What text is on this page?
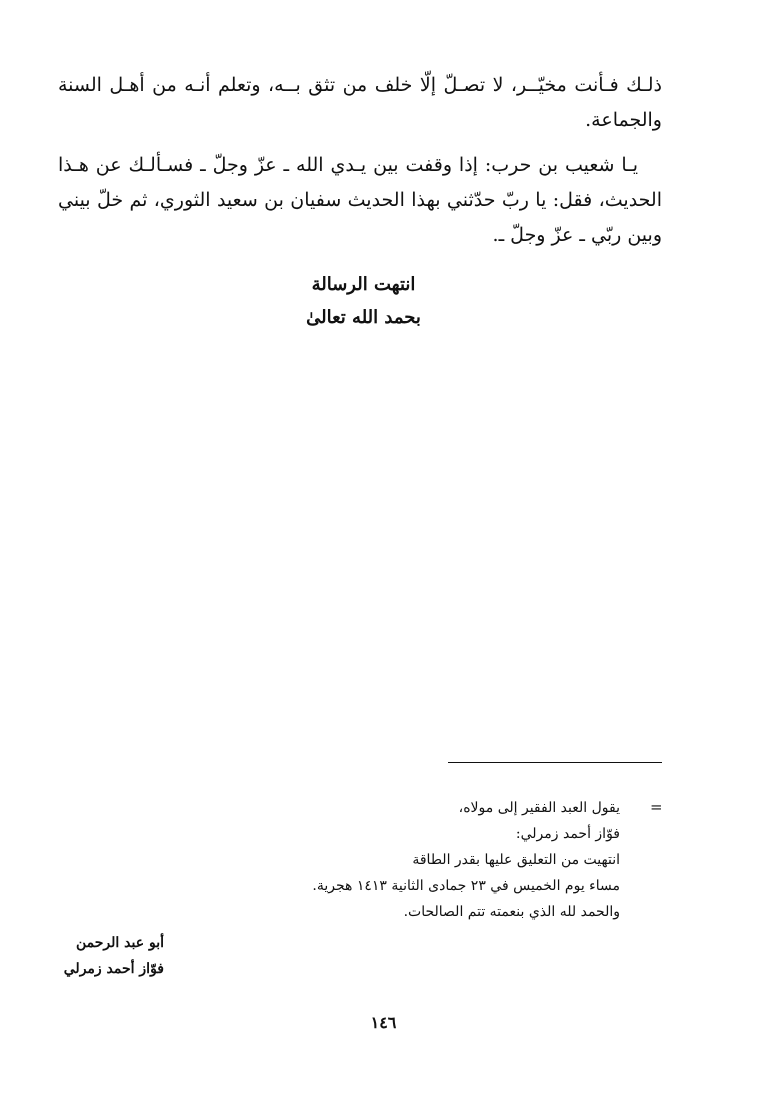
ذلـك فـأنت مخيّــر، لا تصـلّ إلّا خلف من تثق بــه، وتعلم أنـه من أهـل السنة والجماعة.

يـا شعيب بن حرب: إذا وقفت بين يـدي الله ـ عزّ وجلّ ـ فسـألـك عن هـذا الحديث، فقل: يا ربّ حدّثني بهذا الحديث سفيان بن سعيد الثوري، ثم خلّ بيني وبين ربّي ـ عزّ وجلّ ـ.

انتهت الرسالة
بحمد الله تعالىٰ
=
يقول العبد الفقير إلى مولاه،
فوّاز أحمد زمرلي:
انتهيت من التعليق عليها بقدر الطاقة
مساء يوم الخميس في ٢٣ جمادى الثانية ١٤١٣ هجرية.
والحمد لله الذي بنعمته تتم الصالحات.
أبو عبد الرحمن
فوّاز أحمد زمرلي
١٤٦
